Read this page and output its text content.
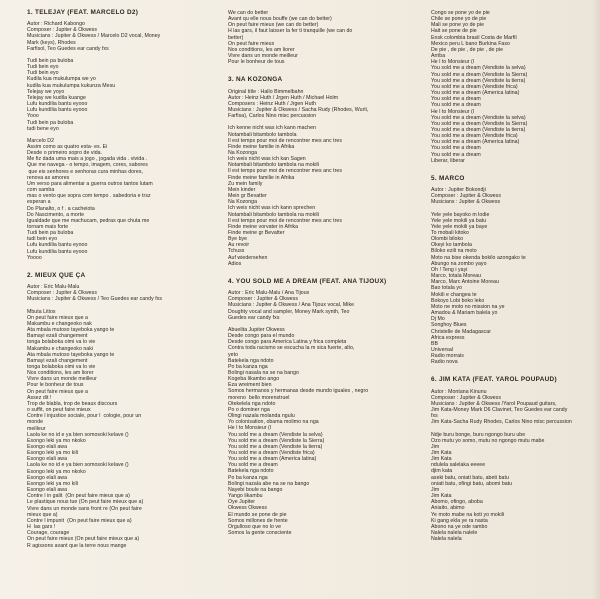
1. TELEJAY (FEAT. MARCELO D2)
Autor : Richard Kabongo
Composer : Jupiter & Okwess
Musicians : Jupiter & Okwess / Marcelo D2 vocal, Money
Mark (keys), Rhodes
Farfisol, Teo Guedes ear candy fxs
Tudi bein pa buloba
Tudi bein eyo
Tudi bein eyo
Kudila kua mukulumpa we yo
kudila kua mukulumpa kukunza Mesu
Telejay we yoyo
Telejay we kudila kuange
Lufu kundilia bantu eyooo
Lufu kundilia bantu eyooo
Yooo
Tudi bein pa buloba
tudi bene eyo
Marcelo D2
Assim como as quatro esta- es. Ei
Desde o primeiro sopro de vida.
Me fiz dada uma mais a jogo , jogada vida . vivida .
Que me navega - o tempo, imagem, cores, sabores
que eis senhores e senhoras cura minhas dores,
renova as amores
Um verso para alimentar a guerra outros tantos lutam
com samba
mas o vento que sopra com tempo . sabedoria e trsz
esperan a
Do Planalto, o f . a cacheiota
Do Nascimento, a morte
Igualdade que me machucam, pedras que chuta me
tornam mais forte
Tudi bein pa buloba
tudi bein eyo
Lufu kundilia bantu eyooo
Lufu kundilia bantu eyooo
Yoooo
2. MIEUX QUE ÇA
Autor : Eric Malu-Malu
Composer : Jupiter & Okwess
Musicians : Jupiter & Okwess / Teo Guedes ear candy fxs
Mbuta Litios
On peut faire mieux que a
Makambu e changeoko nak
Ata mbala mutoso tayeboka yango te
Bamayi ezali changement
tonga bolaboka oimi va lo vie
Makambu e changeoko naki
Ata mbala mutoso tayeboka yango te
Bamayi ezali changement
tonga bolaboka oimi va lo vie
Nos conditions, les am liorer
Vivre dans un monde meilleur
Pour le bonheur de tous
On peut faire mieux que a
Assez dit !
Trop de blabla, trop de beaux discours
o suffit, on peut faire mieux
Contre l injustice sociale, pour l  cologie, pour un
monde
meilleur
Laola ke no id e ya bien somosoki kelave ()
Esongo leki ya mo nkoko
Esongo elali awa
Esongo leki ya mo kili
Esongo elali awa
Laola ke no id e ya bien somosoki kelave ()
Esongo leki ya mo nkoko
Esongo elali awa
Esongo leki ya mo kili
Esongo elali awa
Contre l in galit  (On peut faire mieux que a)
Le plastique nous tue (On peut faire mieux que a)
Vivre dans un monde sans front re (On peut faire
mieux que a)
Contre l impunit  (On peut faire mieux que a)
H  las gars !
Courage, courage
On peut faire mieux (On peut faire mieux que a)
R agissons avant que la terre nous mange
We can do better
Avant qu elle nous bouffe (we can do better)
On peut faire mieux (we can do better)
H las gars, il faut laisser la fer ti tranquille (we can do
better)
On peut faire mieux
Nos conditions, les am liorer
Vivre dans un monde meilleur
Pour le bonheur de tous
3. NA KOZONGA
Original title : Hallo Bimmelbahn
Autor : Heinz Huth / Jrgen Huth / Michael Holm
Composers : Heinz Huth / Jrgen Huth
Musicians : Jupiter & Okwess / Sacha Rudy (Rhodes, Wurli,
Farfisa), Carlos Nino misc percussion
Ich kenne nicht was ich kann machen
Notambali bitambolo tambola
Il est temps pour moi de rencontrer mes anc tres
Finde meine familie in Afrika
Na Kozonga
Ich weis nicht was ich kan Sagen
Notambali bitambolo tambola na mokili
Il est temps pour moi de rencontrer mes anc tres
Finde meine familie in Afrika
Zu mein family
Mein kinder
Mein gr Bevatter
Na Kozonga
Ich weis nicht was ich kann sprechen
Notambali bitambolo tambola na mokili
Il est temps pour moi de rencontrer mes anc tres
Finde meine vorvater in Afrika
Finde meine gr Bevatter
Bye bye
Au revoir
Tchuss
Auf wiedersehen
Adios
4. YOU SOLD ME A DREAM (FEAT. ANA TIJOUX)
Autor : Eric Malu-Malu / Ana Tijoux
Composer : Jupiter & Okwess
Musicians : Jupiter & Okwess / Ana Tijoux vocal, Mike
Doughty vocal and sampler, Money Mark synth, Teo
Guedes ear candy fxs
Abuelita Jupiter Okwess
Desde congo para el mundo
Desde congo para America Latina y frica completa
Contra toda racismo se escucha la m sica fuerte, alto,
yeto
Batekela nga ndoto
Po ba kanza nga
Bolingi nasala na se na bango
Kogeba likambo ango
Eza wreiment bien
Somos hermanos y hermanas desde mundo iguales , negro
moreno  bello morenstruel
Otekelela nga ndoto
Po o dominer nga
Olingi nazala molanda ngulu
Yo colonisation, obama molimo na nga
He l to Monsieur (l
You sold me a dream (Vendiste la selva)
You sold me a dream (Vendiste la Sierra)
You sold me a dream (Vendiste la tierra)
You sold me a dream (Vendiste frica)
You sold me a dream (America latina)
You sold me a dream
Batekela nga ndoto
Po ba kanza nga
Bolingi nazala abe na se na bango
Nayebi boule na bango
Yango likambu
Oye Jupiter
Okwess Okwess
El mundo se pone de pie
Somos millones de frente
Orgulloso que no lo ve
Somos la gente consciente
Congo se pone yo de pie
Chile se pone yo de pie
Mali se pone yo de pie
Hait se pone de pie
Ensk colombia brasil Costa de Marfil
Mexico peru L bano Burkina Faso
De pie , de pie , de pie , de pie
Arriba
He l to Monsieur (l
You sold me a dream (Vendiste la selva)
You sold me a dream (Vendiste la Sierra)
You sold me a dream (Vendiste la tierra)
You sold me a dream (Vendiste frica)
You sold me a dream (America latina)
You sold me a dream
You sold me a dream
He l to Monsieur (l
You sold me a dream (Vendiste la selva)
You sold me a dream (Vendiste la Sierra)
You sold me a dream (Vendiste la tierra)
You sold me a dream (Vendiste frica)
You sold me a dream (America latina)
You sold me a dream
You sold me a dream
Liberar, liberar
5. MARCO
Autor : Jupiter Bokondji
Composer : Jupiter & Okwess
Musicians : Jupiter & Okwess
Yele yele bayoko m lodie
Yele yele mokili ya batu
Yele yele mokili ya baye
To mobali kitoko
Olombi biloko
Okeyi ko tambola
Biloko ezili na moto
Moto na bise okenda bokilo azongako te
Abungo na zombo yayo
Oh ! Teng i yayi
Marco, totala Moreau
Marco, Marc Antoine Moreau
Bao totala yo
Mokili e changea te
Bokoyo Lobi boko leko
Moto ne moto no mission na ye
Amadou & Mariam balela yo
Dj Mo
Songhoy Blues
Christelle de Madagascar
Africa express
BB
Universal
Radio morrais
Radio nova
6. JIM KATA (FEAT. YAROL POUPAUD)
Autor : Montana Kinunu
Composer : Jupiter & Okwess
Musicians : Jupiter & Okwess /Yarol Poupaud guitars,
Jim Kata-Money Mark D6 Clavinet, Teo Guedes ear candy
fxs
Jim Kata-Sacha Rudy Rhodes, Carlos Nino misc percussion
Ndje buru bonge, buru ngongo buru ube
Ozo mutu yo somo, mutu no ngongo mutu mabe
Jim
Jim Kata
Jim Kata
ndulela salelaka eeeee
djim kata
aseki batu, oniati batu, abeti batu
oniati batu, ofingi batu, abomi batu
Jim
Jim Kata
Abomo, ofingo, aboba
Aniaito, abimo
Ye moto mabe na koti yo mokili
Ki gang ekla ye ra nasta
Abono na ye ode rambo
Nalela nalela nalele
Nalela nalela
